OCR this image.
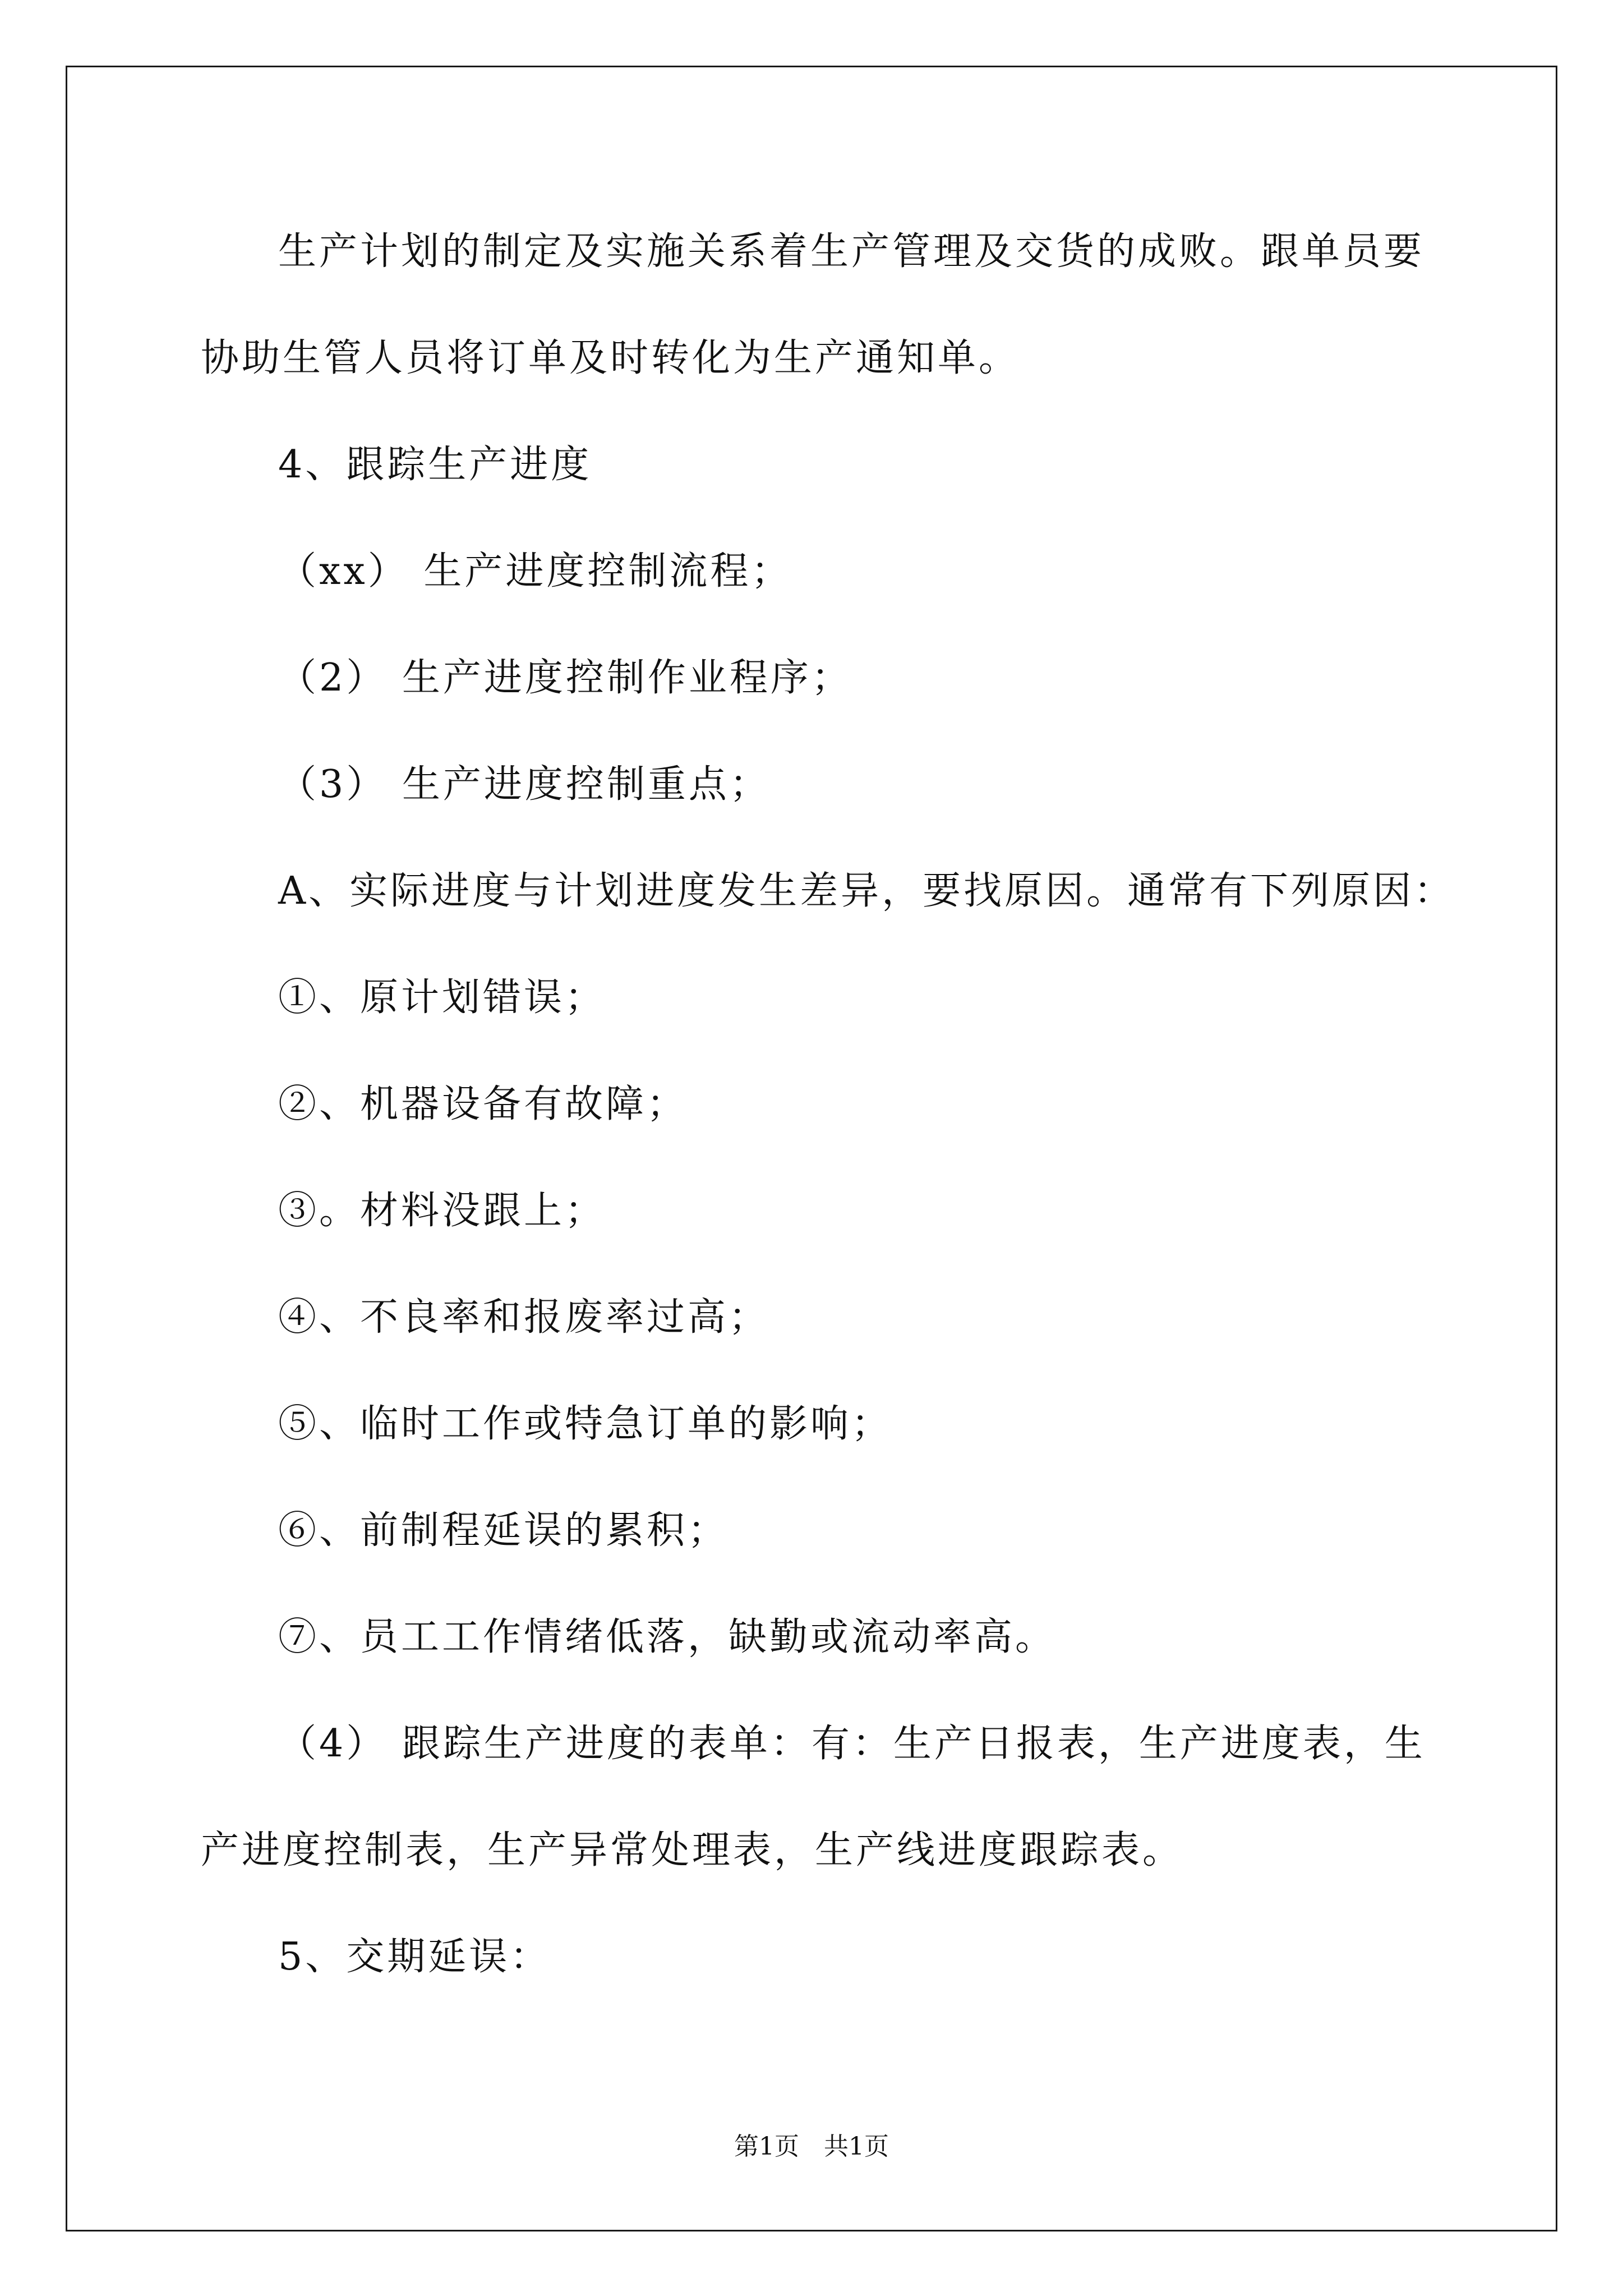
生产计划的制定及实施关系着生产管理及交货的成败。跟单员要
协助生管人员将订单及时转化为生产通知单。
4、跟踪生产进度
（xx） 生产进度控制流程；
（2） 生产进度控制作业程序；
（3） 生产进度控制重点；
A、实际进度与计划进度发生差异，要找原因。通常有下列原因：
①、原计划错误；
②、机器设备有故障；
③。材料没跟上；
④、不良率和报废率过高；
⑤、临时工作或特急订单的影响；
⑥、前制程延误的累积；
⑦、员工工作情绪低落，缺勤或流动率高。
（4） 跟踪生产进度的表单：有：生产日报表，生产进度表，生
产进度控制表，生产异常处理表，生产线进度跟踪表。
5、交期延误：
第1页 共1页
